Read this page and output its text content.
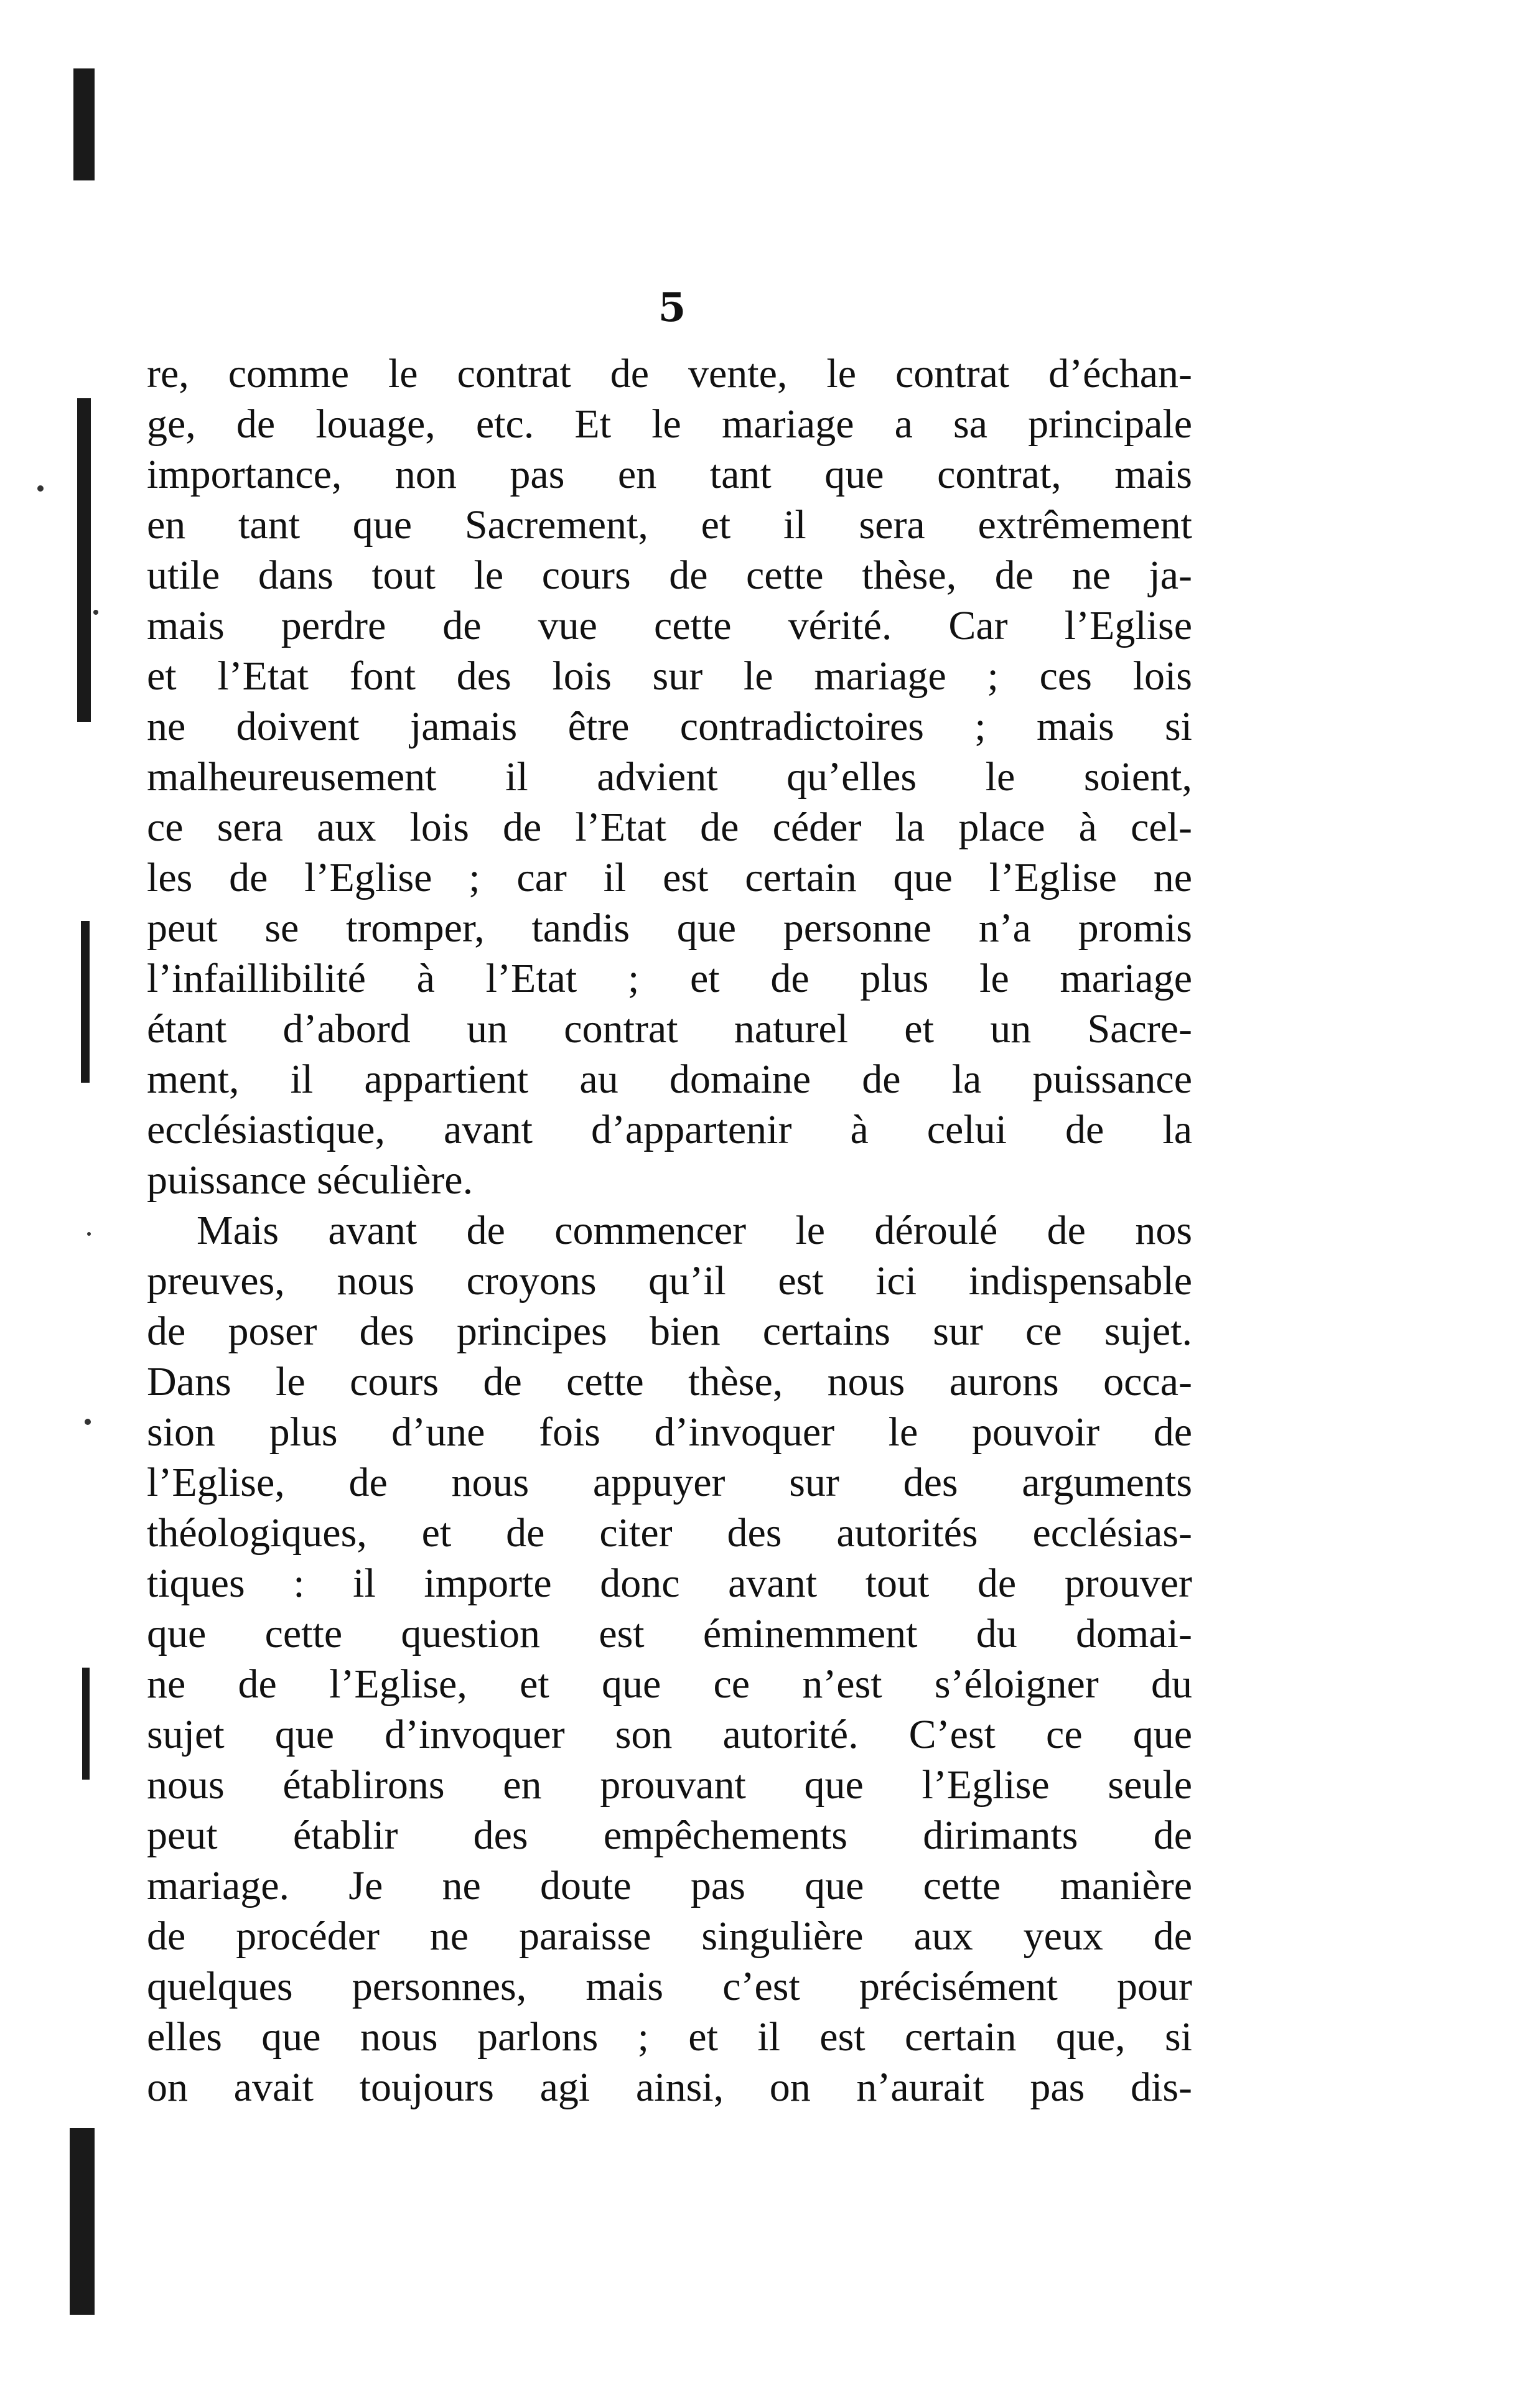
5
re, comme le contrat de vente, le contrat d’échan-
ge, de louage, etc. Et le mariage a sa principale
importance, non pas en tant que contrat, mais
en tant que Sacrement, et il sera extrêmement
utile dans tout le cours de cette thèse, de ne ja-
mais perdre de vue cette vérité. Car l’Eglise
et l’Etat font des lois sur le mariage ; ces lois
ne doivent jamais être contradictoires ; mais si
malheureusement il advient qu’elles le soient,
ce sera aux lois de l’Etat de céder la place à cel-
les de l’Eglise ; car il est certain que l’Eglise ne
peut se tromper, tandis que personne n’a promis
l’infaillibilité à l’Etat ; et de plus le mariage
étant d’abord un contrat naturel et un Sacre-
ment, il appartient au domaine de la puissance
ecclésiastique, avant d’appartenir à celui de la
puissance séculière.
Mais avant de commencer le déroulé de nos
preuves, nous croyons qu’il est ici indispensable
de poser des principes bien certains sur ce sujet.
Dans le cours de cette thèse, nous aurons occa-
sion plus d’une fois d’invoquer le pouvoir de
l’Eglise, de nous appuyer sur des arguments
théologiques, et de citer des autorités ecclésias-
tiques : il importe donc avant tout de prouver
que cette question est éminemment du domai-
ne de l’Eglise, et que ce n’est s’éloigner du
sujet que d’invoquer son autorité. C’est ce que
nous établirons en prouvant que l’Eglise seule
peut établir des empêchements dirimants de
mariage. Je ne doute pas que cette manière
de procéder ne paraisse singulière aux yeux de
quelques personnes, mais c’est précisément pour
elles que nous parlons ; et il est certain que, si
on avait toujours agi ainsi, on n’aurait pas dis-
